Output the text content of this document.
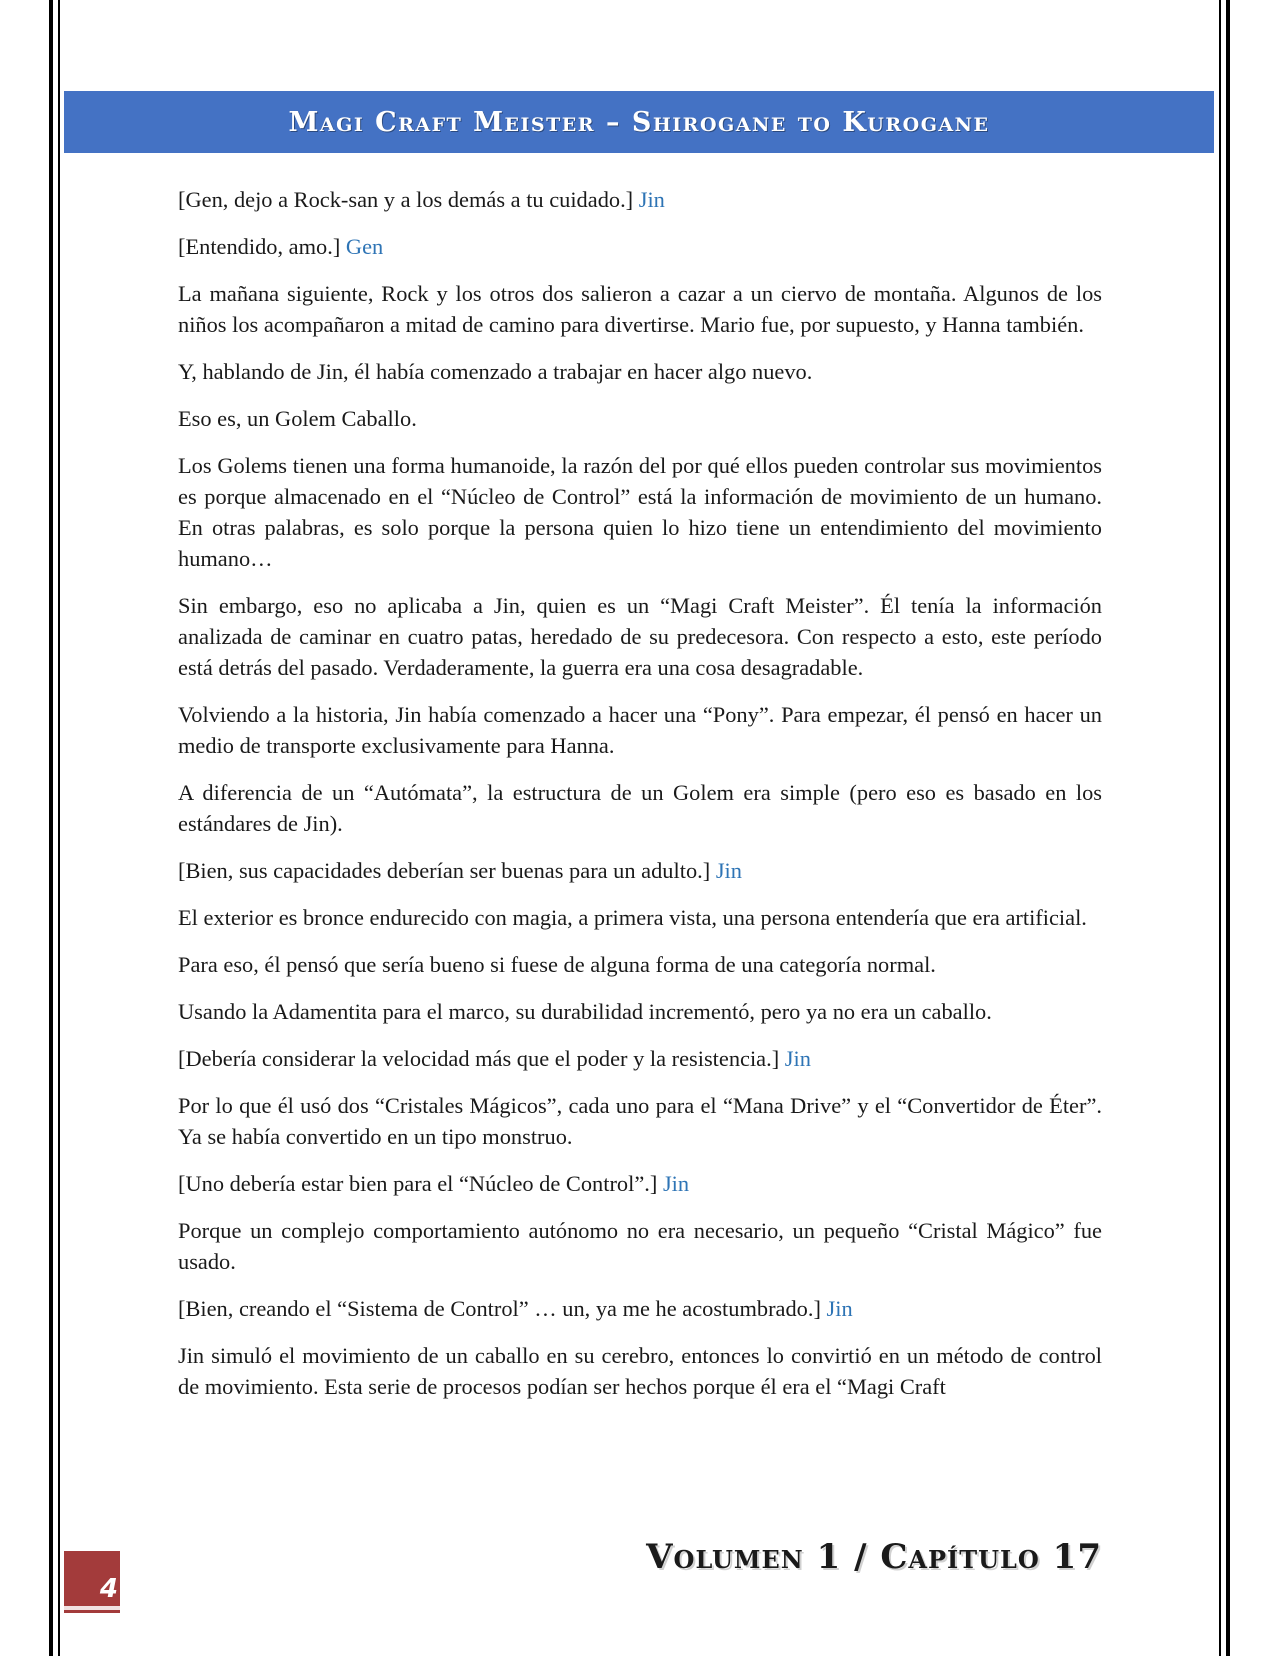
Magi Craft Meister – Shirogane to Kurogane

[Gen, dejo a Rock-san y a los demás a tu cuidado.] Jin

[Entendido, amo.] Gen

La mañana siguiente, Rock y los otros dos salieron a cazar a un ciervo de montaña. Algunos de los niños los acompañaron a mitad de camino para divertirse. Mario fue, por supuesto, y Hanna también.

Y, hablando de Jin, él había comenzado a trabajar en hacer algo nuevo.

Eso es, un Golem Caballo.

Los Golems tienen una forma humanoide, la razón del por qué ellos pueden controlar sus movimientos es porque almacenado en el “Núcleo de Control” está la información de movimiento de un humano. En otras palabras, es solo porque la persona quien lo hizo tiene un entendimiento del movimiento humano…

Sin embargo, eso no aplicaba a Jin, quien es un “Magi Craft Meister”. Él tenía la información analizada de caminar en cuatro patas, heredado de su predecesora. Con respecto a esto, este período está detrás del pasado. Verdaderamente, la guerra era una cosa desagradable.

Volviendo a la historia, Jin había comenzado a hacer una “Pony”. Para empezar, él pensó en hacer un medio de transporte exclusivamente para Hanna.

A diferencia de un “Autómata”, la estructura de un Golem era simple (pero eso es basado en los estándares de Jin).

[Bien, sus capacidades deberían ser buenas para un adulto.] Jin

El exterior es bronce endurecido con magia, a primera vista, una persona entendería que era artificial.

Para eso, él pensó que sería bueno si fuese de alguna forma de una categoría normal.

Usando la Adamentita para el marco, su durabilidad incrementó, pero ya no era un caballo.

[Debería considerar la velocidad más que el poder y la resistencia.] Jin

Por lo que él usó dos “Cristales Mágicos”, cada uno para el “Mana Drive” y el “Convertidor de Éter”. Ya se había convertido en un tipo monstruo.

[Uno debería estar bien para el “Núcleo de Control”.] Jin

Porque un complejo comportamiento autónomo no era necesario, un pequeño “Cristal Mágico” fue usado.

[Bien, creando el “Sistema de Control” … un, ya me he acostumbrado.] Jin

Jin simuló el movimiento de un caballo en su cerebro, entonces lo convirtió en un método de control de movimiento. Esta serie de procesos podían ser hechos porque él era el “Magi Craft

Volumen 1 / Capítulo 17
4
